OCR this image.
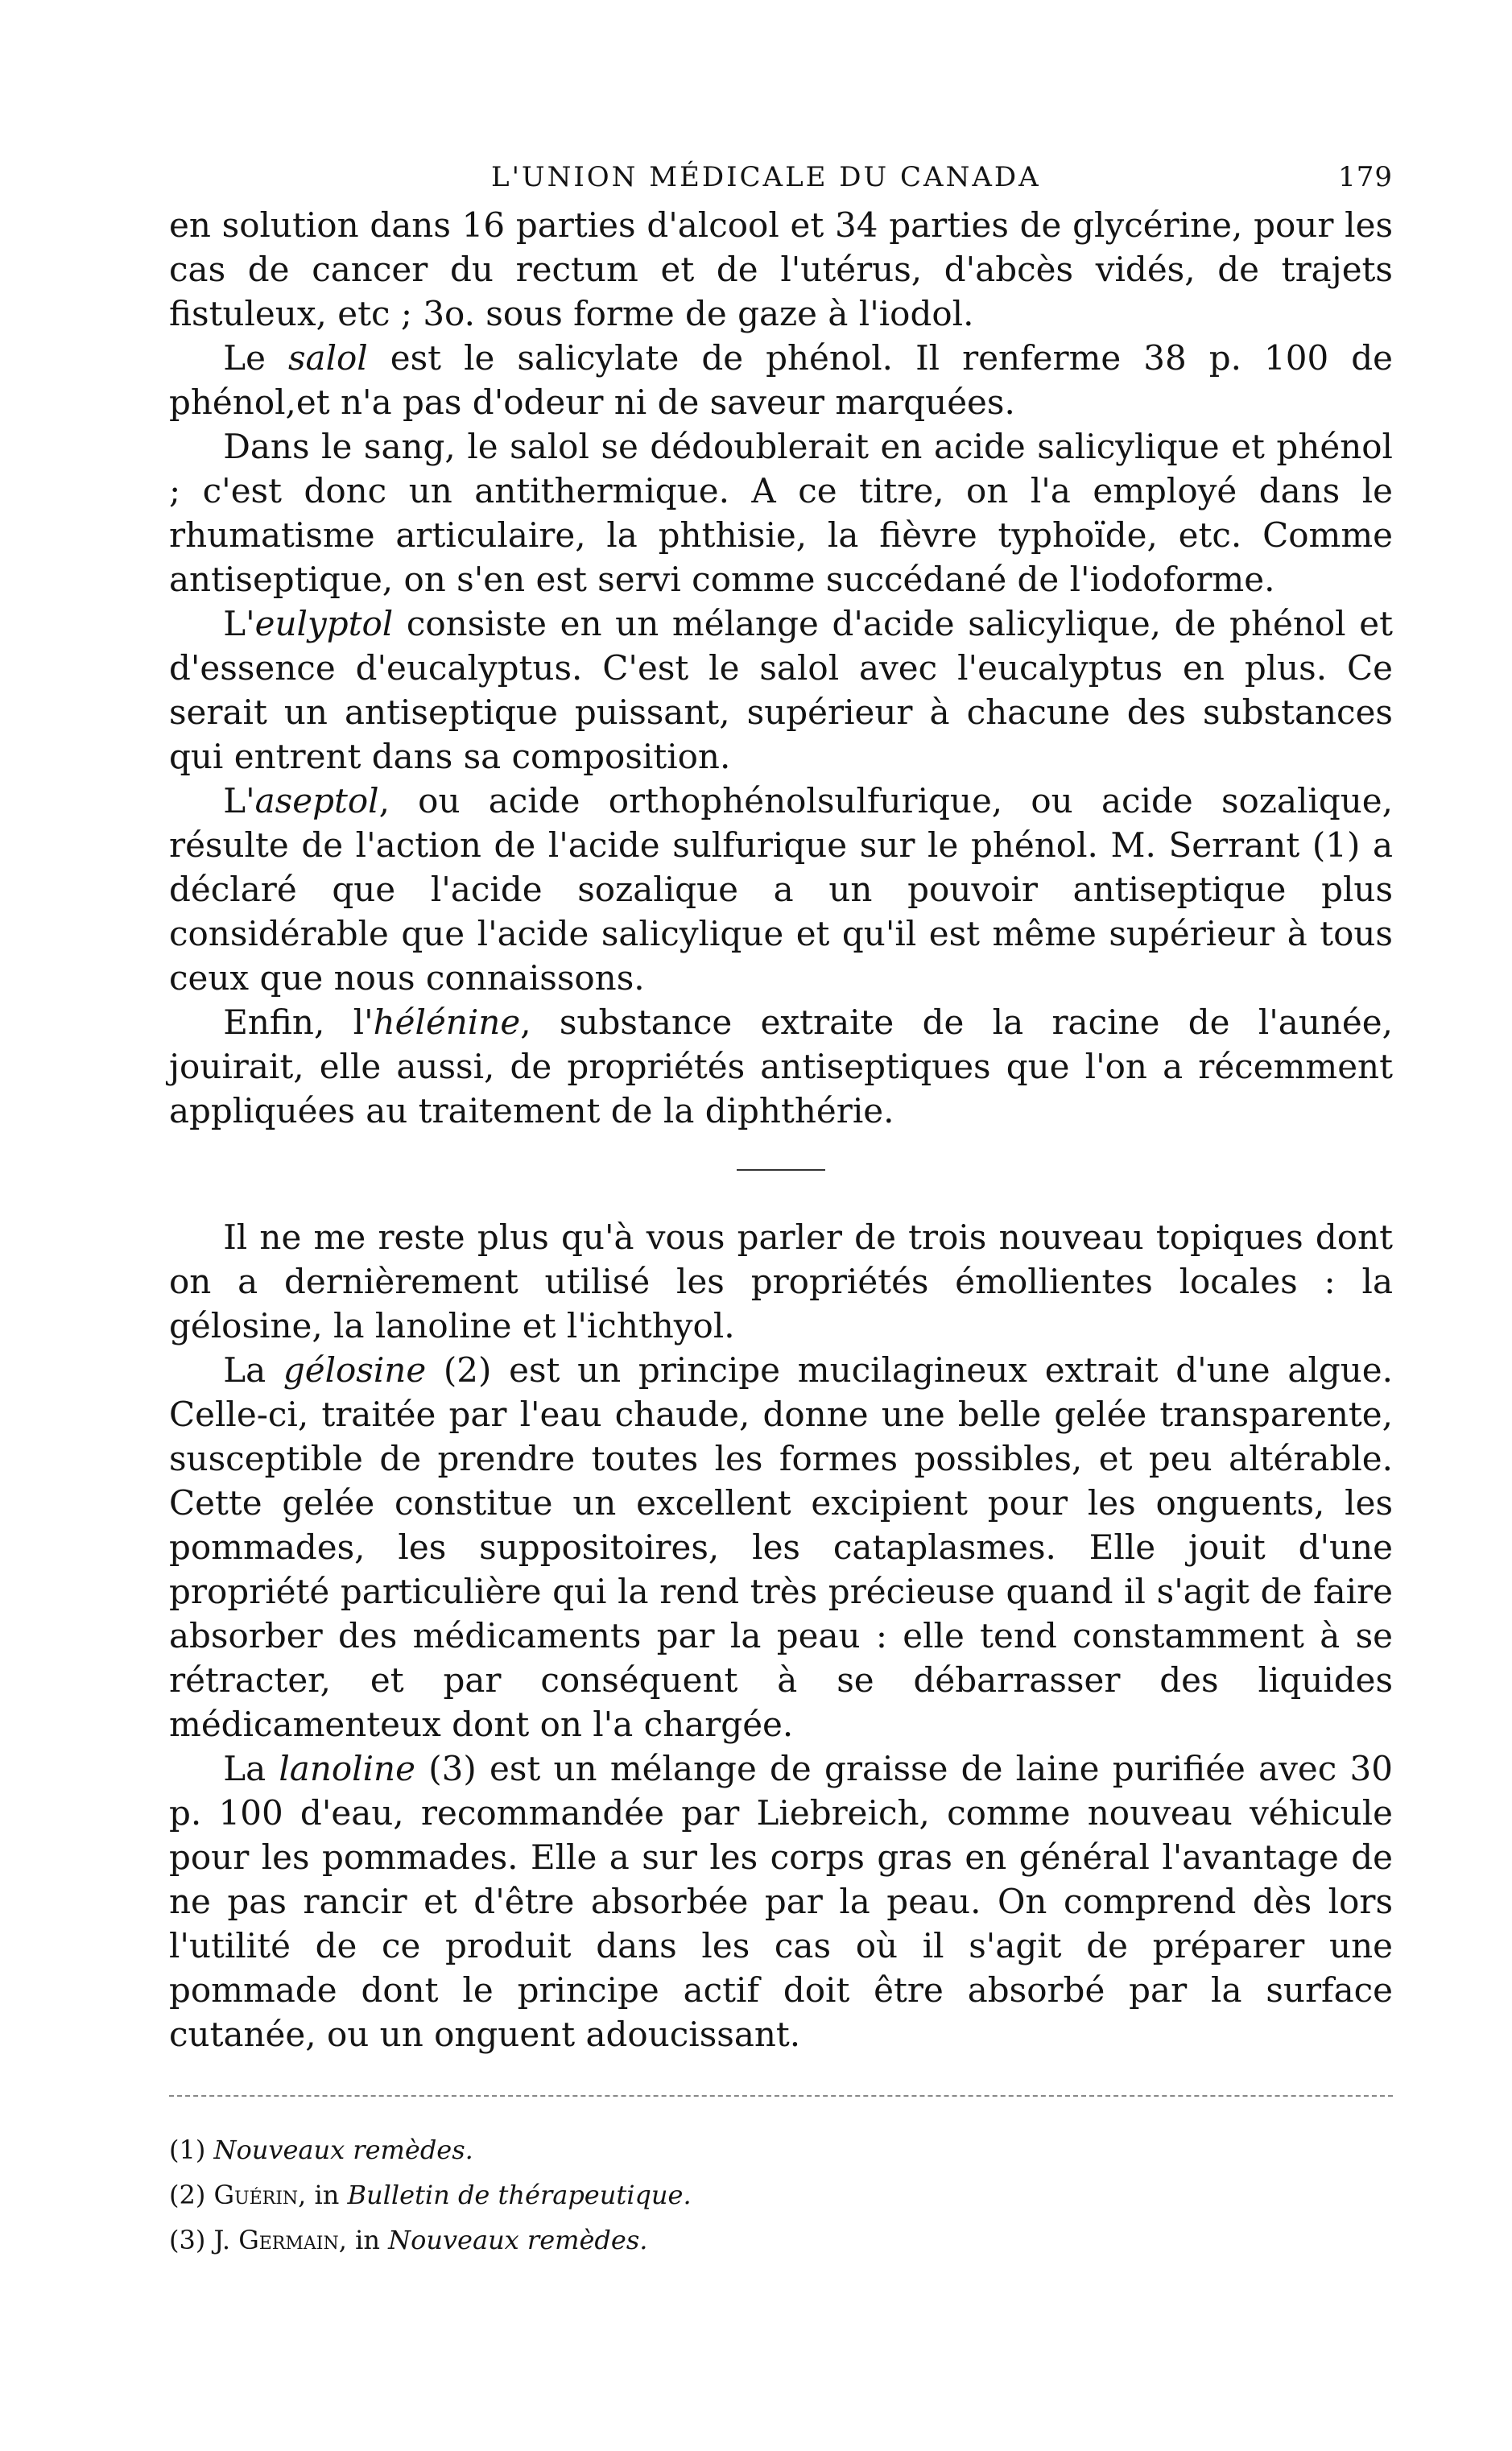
L'UNION MÉDICALE DU CANADA	179

en solution dans 16 parties d'alcool et 34 parties de glycérine, pour les cas de cancer du rectum et de l'utérus, d'abcès vidés, de trajets fistuleux, etc ; 3o. sous forme de gaze à l'iodol.

Le salol est le salicylate de phénol. Il renferme 38 p. 100 de phénol,et n'a pas d'odeur ni de saveur marquées.

Dans le sang, le salol se dédoublerait en acide salicylique et phénol ; c'est donc un antithermique. A ce titre, on l'a employé dans le rhumatisme articulaire, la phthisie, la fièvre typhoïde, etc. Comme antiseptique, on s'en est servi comme succédané de l'iodoforme.

L'eulyptol consiste en un mélange d'acide salicylique, de phénol et d'essence d'eucalyptus. C'est le salol avec l'eucalyptus en plus. Ce serait un antiseptique puissant, supérieur à chacune des substances qui entrent dans sa composition.

L'aseptol, ou acide orthophénolsulfurique, ou acide sozalique, résulte de l'action de l'acide sulfurique sur le phénol. M. Serrant (1) a déclaré que l'acide sozalique a un pouvoir antiseptique plus considérable que l'acide salicylique et qu'il est même supérieur à tous ceux que nous connaissons.

Enfin, l'hélénine, substance extraite de la racine de l'aunée, jouirait, elle aussi, de propriétés antiseptiques que l'on a récemment appliquées au traitement de la diphthérie.

Il ne me reste plus qu'à vous parler de trois nouveau topiques dont on a dernièrement utilisé les propriétés émollientes locales : la gélosine, la lanoline et l'ichthyol.

La gélosine (2) est un principe mucilagineux extrait d'une algue. Celle-ci, traitée par l'eau chaude, donne une belle gelée transparente, susceptible de prendre toutes les formes possibles, et peu altérable. Cette gelée constitue un excellent excipient pour les onguents, les pommades, les suppositoires, les cataplasmes. Elle jouit d'une propriété particulière qui la rend très précieuse quand il s'agit de faire absorber des médicaments par la peau : elle tend constamment à se rétracter, et par conséquent à se débarrasser des liquides médicamenteux dont on l'a chargée.

La lanoline (3) est un mélange de graisse de laine purifiée avec 30 p. 100 d'eau, recommandée par Liebreich, comme nouveau véhicule pour les pommades. Elle a sur les corps gras en général l'avantage de ne pas rancir et d'être absorbée par la peau. On comprend dès lors l'utilité de ce produit dans les cas où il s'agit de préparer une pommade dont le principe actif doit être absorbé par la surface cutanée, ou un onguent adoucissant.

(1) Nouveaux remèdes.

(2) Guérin, in Bulletin de thérapeutique.

(3) J. Germain, in Nouveaux remèdes.
